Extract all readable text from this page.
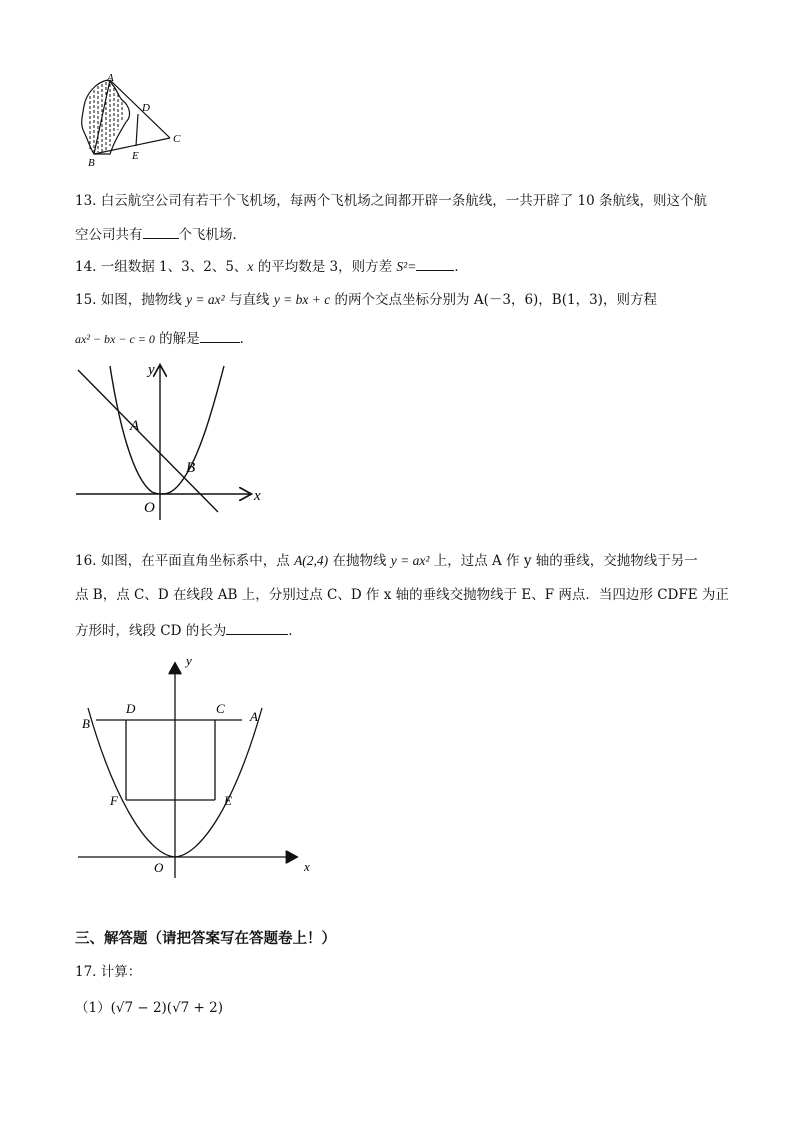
A
B
C
D
E
13. 白云航空公司有若干个飞机场，每两个飞机场之间都开辟一条航线，一共开辟了 10 条航线，则这个航
空公司共有	个飞机场．
14. 一组数据 1、3、2、5、x 的平均数是 3，则方差 S²=	．
15. 如图，抛物线 y = ax² 与直线 y = bx + c 的两个交点坐标分别为 A(－3，6)，B(1，3)，则方程
ax² − bx − c = 0 的解是	．
y
x
A
B
O
16. 如图，在平面直角坐标系中，点 A(2,4) 在抛物线 y = ax² 上，过点 A 作 y 轴的垂线，交抛物线于另一
点 B，点 C、D 在线段 AB 上，分别过点 C、D 作 x 轴的垂线交抛物线于 E、F 两点．当四边形 CDFE 为正
方形时，线段 CD 的长为	．
y
x
A
B
C
D
E
F
O
三、解答题（请把答案写在答题卷上！）
17. 计算：
（1）(√7 − 2)(√7 + 2)
